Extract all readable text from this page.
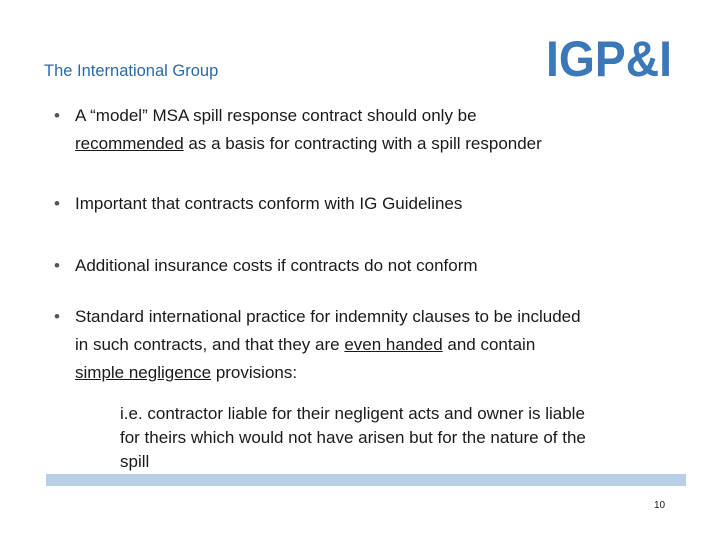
The International Group	IGP&I
• A “model” MSA spill response contract should only be
recommended as a basis for contracting with a spill responder
• Important that contracts conform with IG Guidelines
• Additional insurance costs if contracts do not conform
• Standard international practice for indemnity clauses to be included
in such contracts, and that they are even handed and contain
simple negligence provisions:
i.e. contractor liable for their negligent acts and owner is liable
for theirs which would not have arisen but for the nature of the
spill
10
